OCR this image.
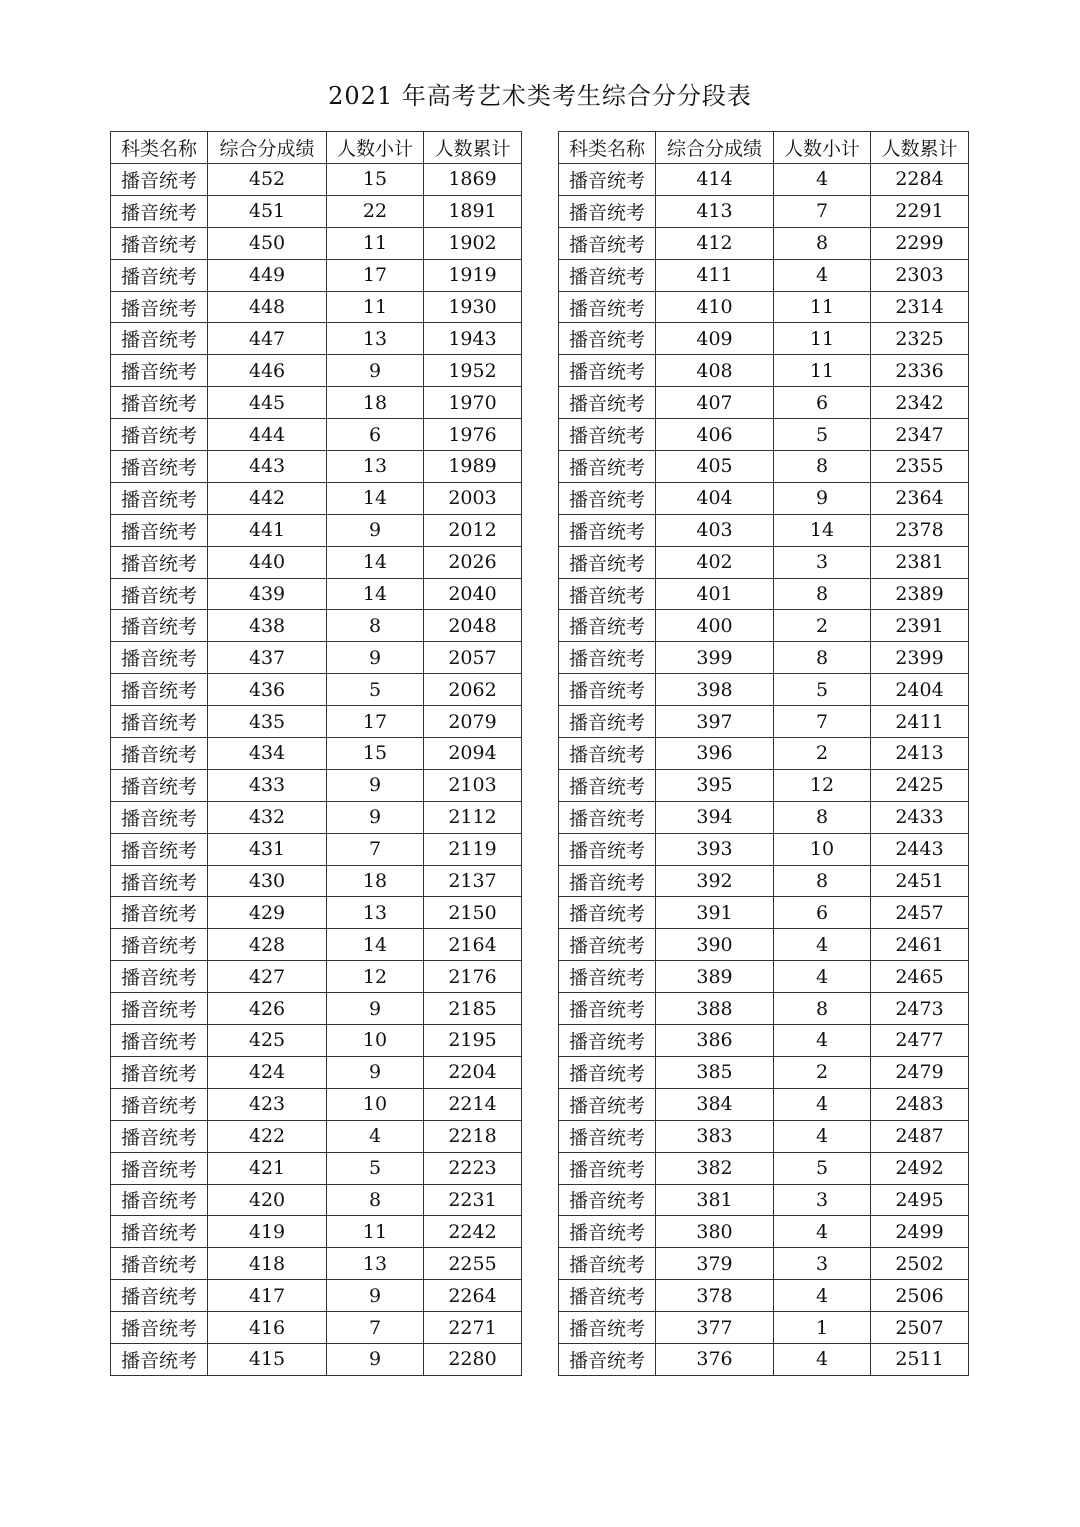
2021 年高考艺术类考生综合分分段表
科类名称	综合分成绩	人数小计	人数累计
播音统考	452	15	1869
播音统考	451	22	1891
播音统考	450	11	1902
播音统考	449	17	1919
播音统考	448	11	1930
播音统考	447	13	1943
播音统考	446	9	1952
播音统考	445	18	1970
播音统考	444	6	1976
播音统考	443	13	1989
播音统考	442	14	2003
播音统考	441	9	2012
播音统考	440	14	2026
播音统考	439	14	2040
播音统考	438	8	2048
播音统考	437	9	2057
播音统考	436	5	2062
播音统考	435	17	2079
播音统考	434	15	2094
播音统考	433	9	2103
播音统考	432	9	2112
播音统考	431	7	2119
播音统考	430	18	2137
播音统考	429	13	2150
播音统考	428	14	2164
播音统考	427	12	2176
播音统考	426	9	2185
播音统考	425	10	2195
播音统考	424	9	2204
播音统考	423	10	2214
播音统考	422	4	2218
播音统考	421	5	2223
播音统考	420	8	2231
播音统考	419	11	2242
播音统考	418	13	2255
播音统考	417	9	2264
播音统考	416	7	2271
播音统考	415	9	2280
科类名称	综合分成绩	人数小计	人数累计
播音统考	414	4	2284
播音统考	413	7	2291
播音统考	412	8	2299
播音统考	411	4	2303
播音统考	410	11	2314
播音统考	409	11	2325
播音统考	408	11	2336
播音统考	407	6	2342
播音统考	406	5	2347
播音统考	405	8	2355
播音统考	404	9	2364
播音统考	403	14	2378
播音统考	402	3	2381
播音统考	401	8	2389
播音统考	400	2	2391
播音统考	399	8	2399
播音统考	398	5	2404
播音统考	397	7	2411
播音统考	396	2	2413
播音统考	395	12	2425
播音统考	394	8	2433
播音统考	393	10	2443
播音统考	392	8	2451
播音统考	391	6	2457
播音统考	390	4	2461
播音统考	389	4	2465
播音统考	388	8	2473
播音统考	386	4	2477
播音统考	385	2	2479
播音统考	384	4	2483
播音统考	383	4	2487
播音统考	382	5	2492
播音统考	381	3	2495
播音统考	380	4	2499
播音统考	379	3	2502
播音统考	378	4	2506
播音统考	377	1	2507
播音统考	376	4	2511
